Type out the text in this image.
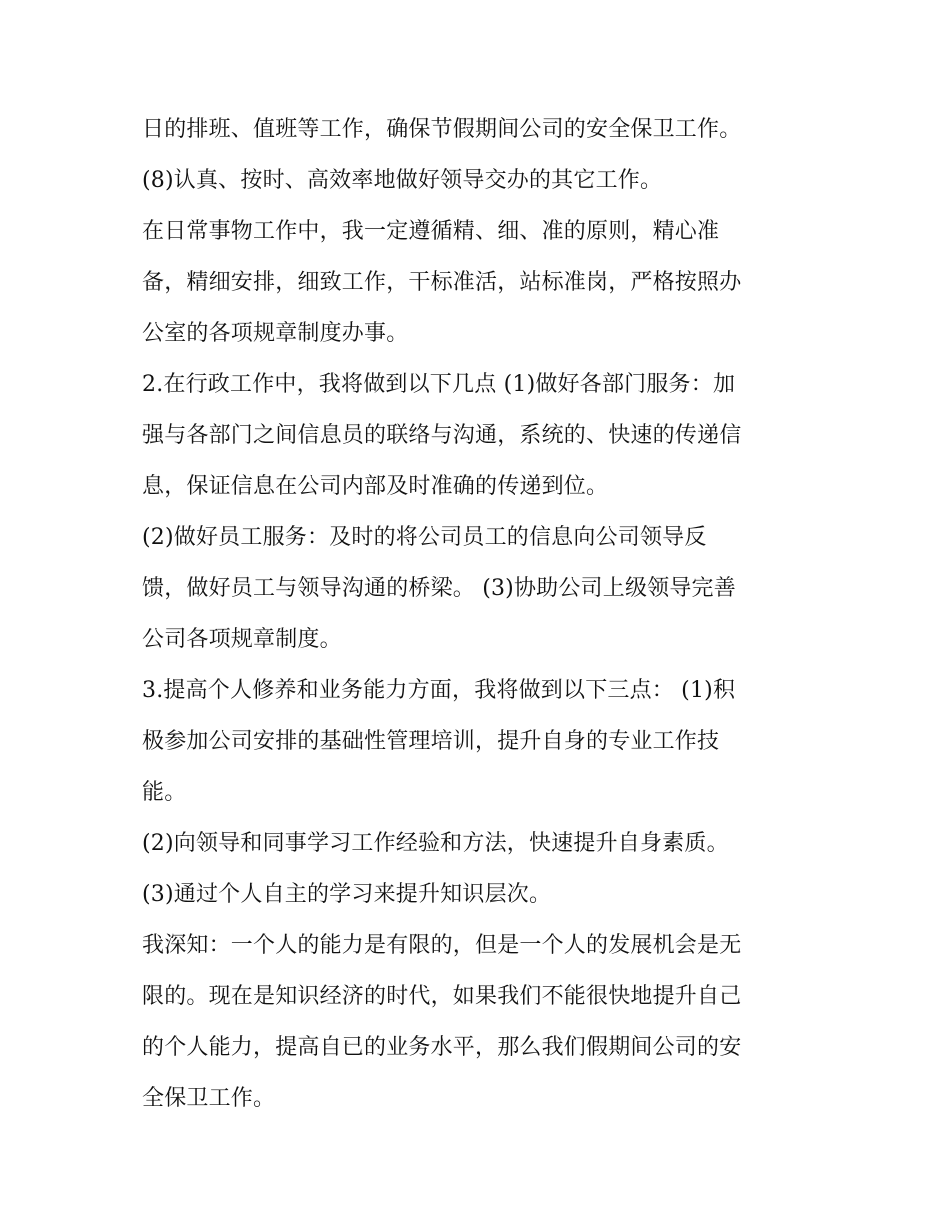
日的排班、值班等工作，确保节假期间公司的安全保卫工作。
(8)认真、按时、高效率地做好领导交办的其它工作。
在日常事物工作中，我一定遵循精、细、准的原则，精心准
备，精细安排，细致工作，干标准活，站标准岗，严格按照办
公室的各项规章制度办事。
2.在行政工作中，我将做到以下几点 (1)做好各部门服务：加
强与各部门之间信息员的联络与沟通，系统的、快速的传递信
息，保证信息在公司内部及时准确的传递到位。
(2)做好员工服务：及时的将公司员工的信息向公司领导反
馈，做好员工与领导沟通的桥梁。 (3)协助公司上级领导完善
公司各项规章制度。
3.提高个人修养和业务能力方面，我将做到以下三点： (1)积
极参加公司安排的基础性管理培训，提升自身的专业工作技
能。
(2)向领导和同事学习工作经验和方法，快速提升自身素质。
(3)通过个人自主的学习来提升知识层次。
我深知：一个人的能力是有限的，但是一个人的发展机会是无
限的。现在是知识经济的时代，如果我们不能很快地提升自己
的个人能力，提高自已的业务水平，那么我们假期间公司的安
全保卫工作。
